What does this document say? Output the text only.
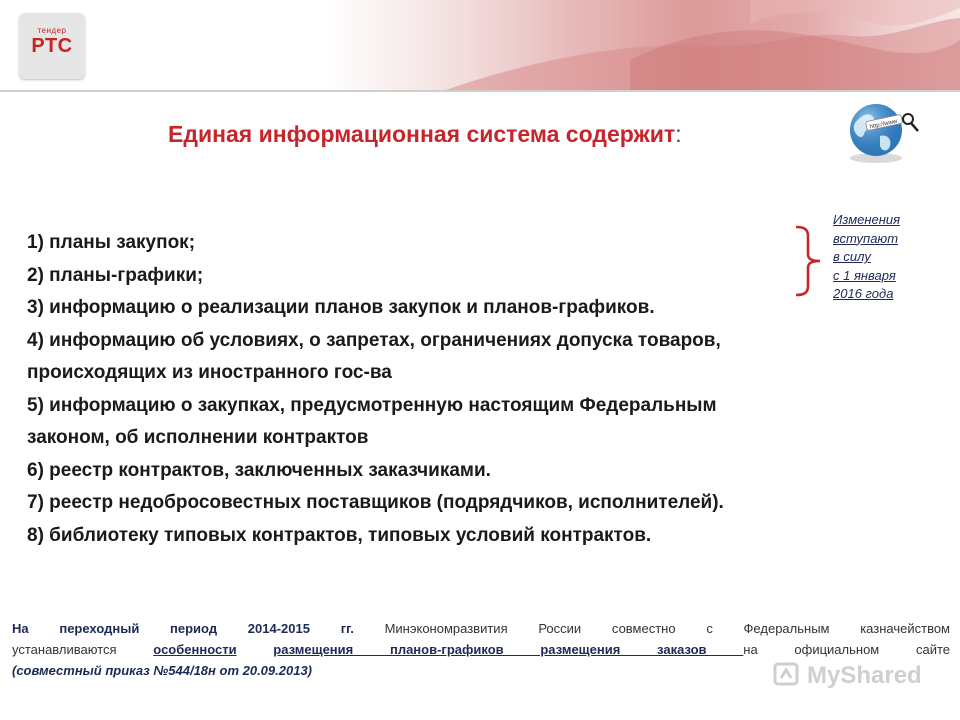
тендер
РТС
Единая информационная система содержит:	http://www
1) планы закупок;
2) планы-графики;
3) информацию о реализации планов закупок и планов-графиков.
4) информацию об условиях, о запретах, ограничениях допуска товаров,
происходящих из иностранного гос-ва
5) информацию о закупках, предусмотренную настоящим Федеральным
законом, об исполнении контрактов
6) реестр контрактов, заключенных заказчиками.
7) реестр недобросовестных поставщиков (подрядчиков, исполнителей).
8) библиотеку типовых контрактов, типовых условий контрактов.
Изменения
вступают
в силу
с 1 января
2016 года
На переходный период 2014-2015 гг. Минэкономразвития России совместно с Федеральным казначейством
устанавливаются особенности	размещения планов-графиков размещения заказов на официальном сайте
(совместный приказ №544/18н от 20.09.2013)	MyShared
